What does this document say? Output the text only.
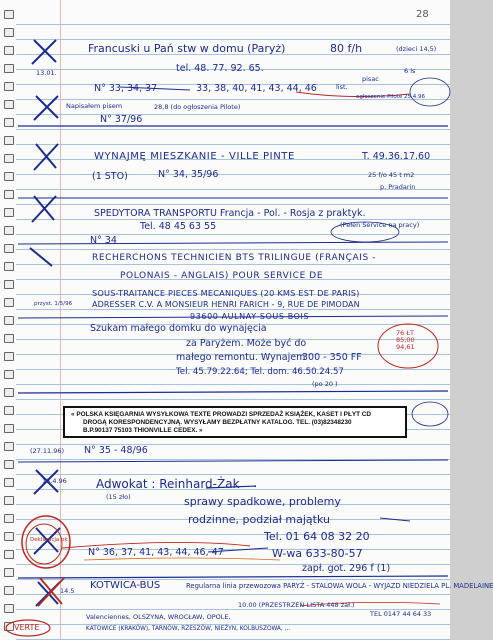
28
13.01.
Francuski u Pań stw w domu (Paryż)	80 f/h	(dzieci 14,5)
tel. 48. 77. 92. 65.	6 ls
N° 33, 34, 37	33, 38, 40, 41, 43, 44, 46	list.
pisac
28,8 (do ogłoszenia Pilote)
ogłoszenie Pilote 25.4.96
Napisałem pisem
N° 37/96
WYNAJMĘ MIESZKANIE - VILLE PINTE	T. 49.36.17.60
(1 STO)	N° 34, 35/96	25 f/o 45 t m2
p. Pradarin
SPEDYTORA TRANSPORTU Francja - Pol. - Rosja z praktyk.
Tel. 48 45 63 55	(Pełen Service na pracy)
N° 34
RECHERCHONS TECHNICIEN BTS TRILINGUE (FRANÇAIS -
POLONAIS - ANGLAIS) POUR SERVICE DE
SOUS-TRAITANCE PIECES MECANIQUES (20 KMS EST DE PARIS)
ADRESSER C.V. A MONSIEUR HENRI FARICH - 9, RUE DE PIMODAN
93600 AULNAY SOUS BOIS
przyst. 1/5/96
Szukam małego domku do wynajęcia
za Paryżem. Może być do
małego remontu. Wynajem
300 - 350 FF
Tel. 45.79.22.64; Tel. dom. 46.50.24.57
(po 20 )
76 ŁT 85,00 94,61
« POLSKA KSIĘGARNIA WYSYŁKOWA TEXTE PROWADZI SPRZEDAŻ KSIĄŻEK, KASET I PŁYT CD
DROGĄ KORESPONDENCYJNĄ. WYSYŁAMY BEZPŁATNY KATALOG. TEL. (03)82348230
B.P.90137 75103 THIONVILLE CEDEX. »
N° 35 - 48/96
(27.11.96)
13.4.96 Adwokat : Reinhard-Żak
sprawy spadkowe, problemy
rodzinne, podział majątku
Tel. 01 64 08 32 20
W-wa 633-80-57
N° 36, 37, 41, 43, 44, 46, 47
zapł. got. 296 f (1)
(15 zło)
Deklaracja ok
14.5 KOTWICA-BUS	Regularna linia przewozowa PARYŻ - STALOWA WOLA - WYJAZD NIEDZIELA PL. MADELAINE
10.00 (PRZESTRZEŃ-LISTA 448 zał.)
TEL 0147 44 64 33
Valenciennes, OLSZYNA, WROCŁAW, OPOLE,
KATOWICE (KRAKÓW), TARNÓW, RZESZÓW, NIEŻYN, KOLBUSZOWA, ...
VERTE
